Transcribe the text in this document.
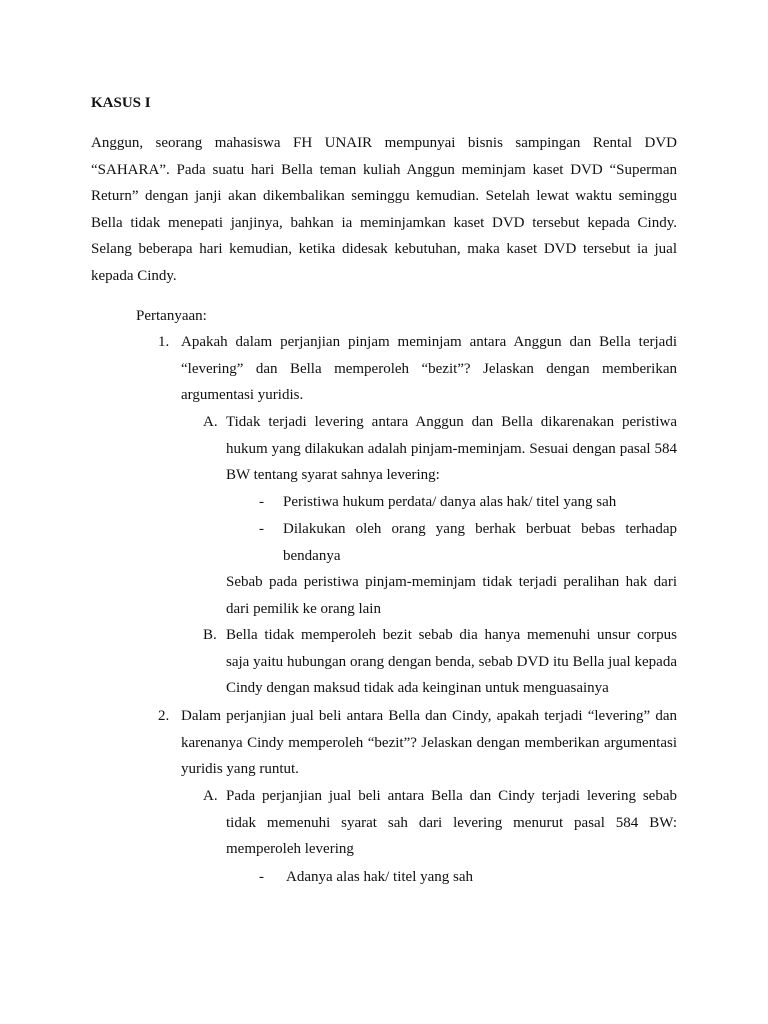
KASUS I

Anggun, seorang mahasiswa FH UNAIR mempunyai bisnis sampingan Rental DVD “SAHARA”. Pada suatu hari Bella teman kuliah Anggun meminjam kaset DVD “Superman Return” dengan janji akan dikembalikan seminggu kemudian. Setelah lewat waktu seminggu Bella tidak menepati janjinya, bahkan ia meminjamkan kaset DVD tersebut kepada Cindy. Selang beberapa hari kemudian, ketika didesak kebutuhan, maka kaset DVD tersebut ia jual kepada Cindy.

Pertanyaan:
1. Apakah dalam perjanjian pinjam meminjam antara Anggun dan Bella terjadi “levering” dan Bella memperoleh “bezit”? Jelaskan dengan memberikan argumentasi yuridis.
A. Tidak terjadi levering antara Anggun dan Bella dikarenakan peristiwa hukum yang dilakukan adalah pinjam-meminjam. Sesuai dengan pasal 584 BW tentang syarat sahnya levering:
- Peristiwa hukum perdata/ danya alas hak/ titel yang sah
- Dilakukan oleh orang yang berhak berbuat bebas terhadap bendanya
Sebab pada peristiwa pinjam-meminjam tidak terjadi peralihan hak dari dari pemilik ke orang lain
B. Bella tidak memperoleh bezit sebab dia hanya memenuhi unsur corpus saja yaitu hubungan orang dengan benda, sebab DVD itu Bella jual kepada Cindy dengan maksud tidak ada keinginan untuk menguasainya
2. Dalam perjanjian jual beli antara Bella dan Cindy, apakah terjadi “levering” dan karenanya Cindy memperoleh “bezit”? Jelaskan dengan memberikan argumentasi yuridis yang runtut.
A. Pada perjanjian jual beli antara Bella dan Cindy terjadi levering sebab tidak memenuhi syarat sah dari levering menurut pasal 584 BW: memperoleh levering
- Adanya alas hak/ titel yang sah
